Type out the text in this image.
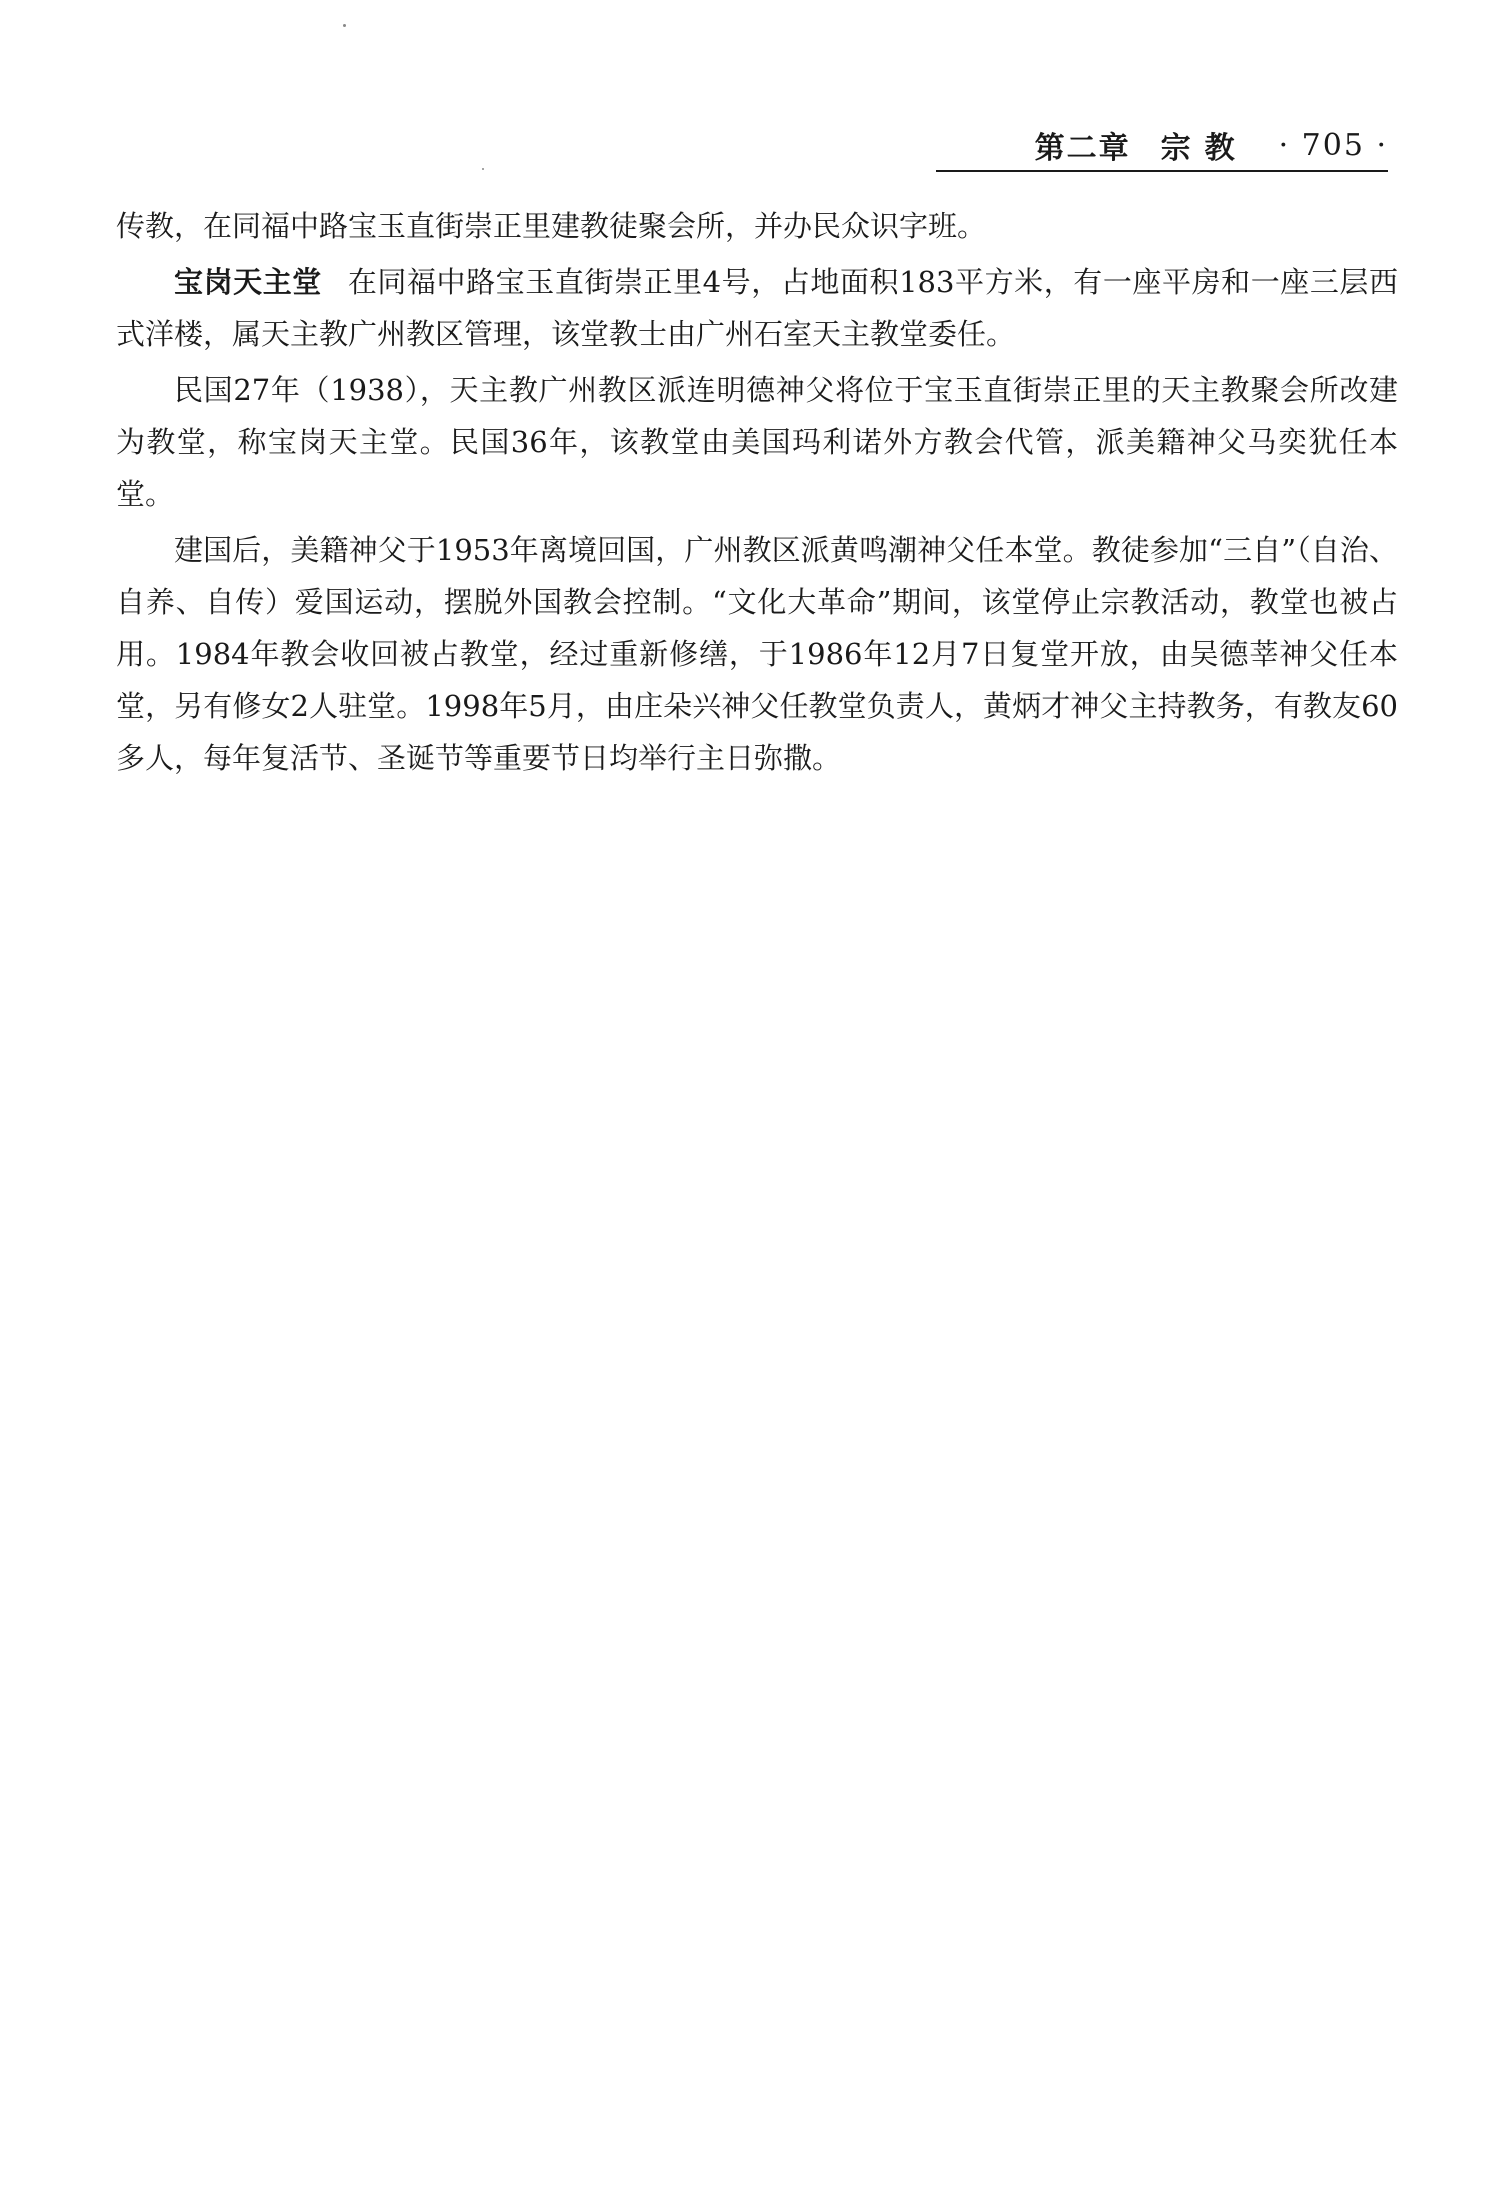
第二章 宗教 · 705 ·

传教，在同福中路宝玉直街崇正里建教徒聚会所，并办民众识字班。

宝岗天主堂 在同福中路宝玉直街崇正里4号，占地面积183平方米，有一座平房和一座三层西式洋楼，属天主教广州教区管理，该堂教士由广州石室天主教堂委任。

民国27年（1938），天主教广州教区派连明德神父将位于宝玉直街崇正里的天主教聚会所改建为教堂，称宝岗天主堂。民国36年，该教堂由美国玛利诺外方教会代管，派美籍神父马奕犹任本堂。

建国后，美籍神父于1953年离境回国，广州教区派黄鸣潮神父任本堂。教徒参加“三自”（自治、自养、自传）爱国运动，摆脱外国教会控制。“文化大革命”期间，该堂停止宗教活动，教堂也被占用。1984年教会收回被占教堂，经过重新修缮，于1986年12月7日复堂开放，由吴德莘神父任本堂，另有修女2人驻堂。1998年5月，由庄朵兴神父任教堂负责人，黄炳才神父主持教务，有教友60多人，每年复活节、圣诞节等重要节日均举行主日弥撒。
